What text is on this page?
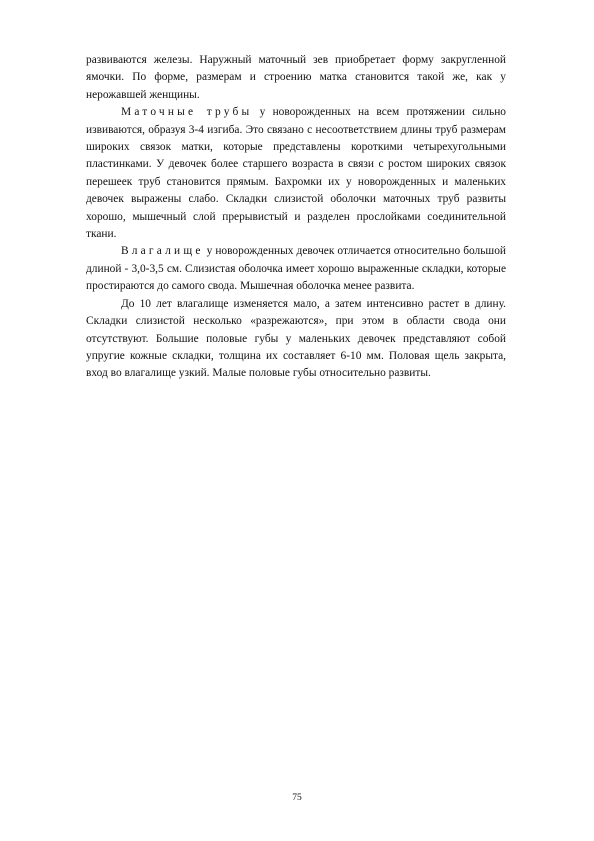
развиваются железы. Наружный маточный зев приобретает форму закругленной ямочки. По форме, размерам и строению матка становится такой же, как у нерожавшей женщины.

Маточные трубы у новорожденных на всем протяжении сильно извиваются, образуя 3-4 изгиба. Это связано с несоответствием длины труб размерам широких связок матки, которые представлены короткими четырехугольными пластинками. У девочек более старшего возраста в связи с ростом широких связок перешеек труб становится прямым. Бахромки их у новорожденных и маленьких девочек выражены слабо. Складки слизистой оболочки маточных труб развиты хорошо, мышечный слой прерывистый и разделен прослойками соединительной ткани.

Влагалище у новорожденных девочек отличается относительно большой длиной - 3,0-3,5 см. Слизистая оболочка имеет хорошо выраженные складки, которые простираются до самого свода. Мышечная оболочка менее развита.

До 10 лет влагалище изменяется мало, а затем интенсивно растет в длину. Складки слизистой несколько «разрежаются», при этом в области свода они отсутствуют. Большие половые губы у маленьких девочек представляют собой упругие кожные складки, толщина их составляет 6-10 мм. Половая щель закрыта, вход во влагалище узкий. Малые половые губы относительно развиты.

75
